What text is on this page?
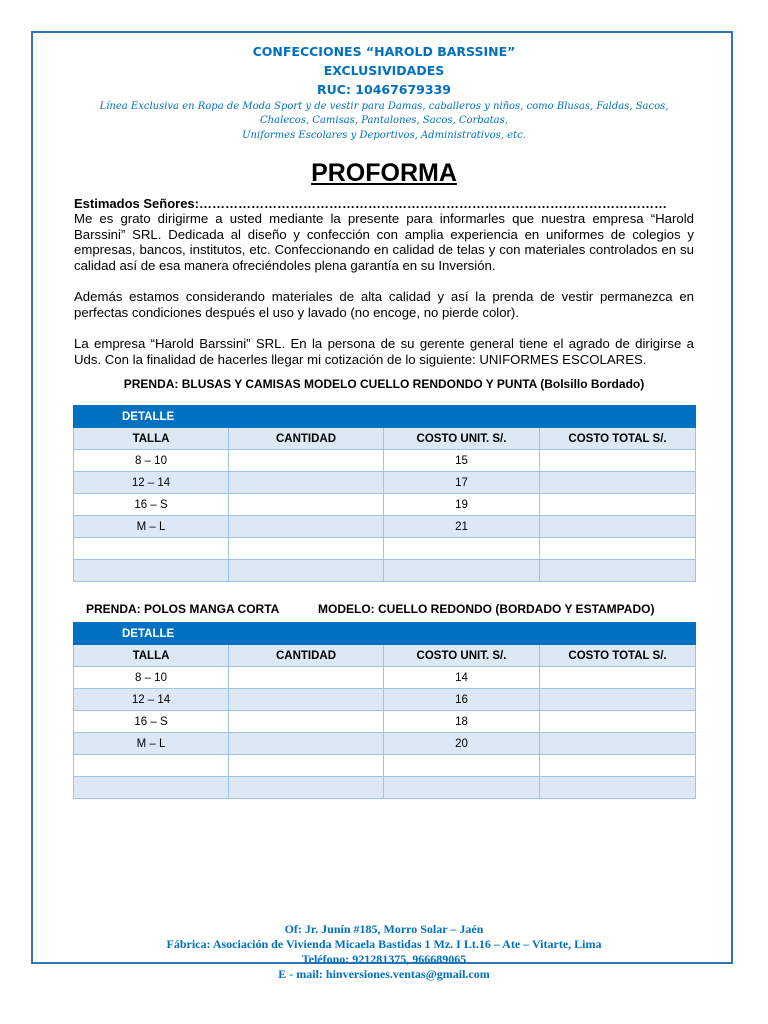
CONFECCIONES “HAROLD BARSSINE”
EXCLUSIVIDADES
RUC: 10467679339
Línea Exclusiva en Ropa de Moda Sport y de vestir para Damas, caballeros y niños, como Blusas, Faldas, Sacos, Chalecos, Camisas, Pantalones, Sacos, Corbatas,
Uniformes Escolares y Deportivos, Administrativos, etc.
PROFORMA
Estimados Señores:………………………………………………………………………………………………

Me es grato dirigirme a usted mediante la presente para informarles que nuestra empresa “Harold Barssini” SRL. Dedicada al diseño y confección con amplia experiencia en uniformes de colegios y empresas, bancos, institutos, etc. Confeccionando en calidad de telas y con materiales controlados en su calidad así de esa manera ofreciéndoles plena garantía en su Inversión.

Además estamos considerando materiales de alta calidad y así la prenda de vestir permanezca en perfectas condiciones después el uso y lavado (no encoge, no pierde color).

La empresa “Harold Barssini” SRL. En la persona de su gerente general tiene el agrado de dirigirse a Uds. Con la finalidad de hacerles llegar mi cotización de lo siguiente: UNIFORMES ESCOLARES.

PRENDA: BLUSAS Y CAMISAS MODELO CUELLO RENDONDO Y PUNTA (Bolsillo Bordado)
DETALLE			
TALLA	CANTIDAD	COSTO UNIT. S/.	COSTO TOTAL S/.
8 – 10		15	
12 – 14		17	
16 – S		19	
M – L		21	

PRENDA: POLOS MANGA CORTA	MODELO: CUELLO REDONDO (BORDADO Y ESTAMPADO)
DETALLE			
TALLA	CANTIDAD	COSTO UNIT. S/.	COSTO TOTAL S/.
8 – 10		14	
12 – 14		16	
16 – S		18	
M – L		20	

Of: Jr. Junín #185, Morro Solar – Jaén
Fábrica: Asociación de Vivienda Micaela Bastidas 1 Mz. I Lt.16 – Ate – Vitarte, Lima
Teléfono: 921281375, 966689065
E - mail: hinversiones.ventas@gmail.com
